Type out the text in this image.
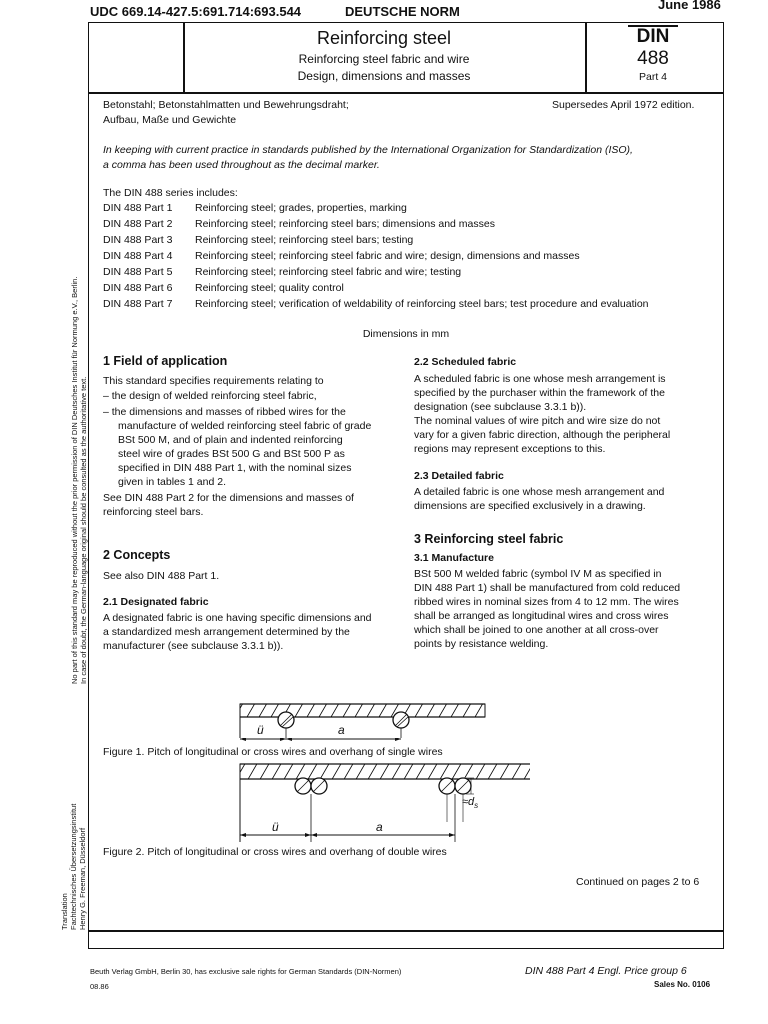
UDC 669.14-427.5:691.714:693.544	DEUTSCHE NORM	June 1986
Reinforcing steel
Reinforcing steel fabric and wire
Design, dimensions and masses
DIN
488
Part 4
Betonstahl; Betonstahlmatten und Bewehrungsdraht;
Aufbau, Maße und Gewichte
Supersedes April 1972 edition.
In keeping with current practice in standards published by the International Organization for Standardization (ISO),
a comma has been used throughout as the decimal marker.
The DIN 488 series includes:
DIN 488 Part 1 Reinforcing steel; grades, properties, marking
DIN 488 Part 2 Reinforcing steel; reinforcing steel bars; dimensions and masses
DIN 488 Part 3 Reinforcing steel; reinforcing steel bars; testing
DIN 488 Part 4 Reinforcing steel; reinforcing steel fabric and wire; design, dimensions and masses
DIN 488 Part 5 Reinforcing steel; reinforcing steel fabric and wire; testing
DIN 488 Part 6 Reinforcing steel; quality control
DIN 488 Part 7 Reinforcing steel; verification of weldability of reinforcing steel bars; test procedure and evaluation
Dimensions in mm
1 Field of application
This standard specifies requirements relating to
– the design of welded reinforcing steel fabric,
– the dimensions and masses of ribbed wires for the
manufacture of welded reinforcing steel fabric of grade
BSt 500 M, and of plain and indented reinforcing
steel wire of grades BSt 500 G and BSt 500 P as
specified in DIN 488 Part 1, with the nominal sizes
given in tables 1 and 2.
See DIN 488 Part 2 for the dimensions and masses of
reinforcing steel bars.
2 Concepts
See also DIN 488 Part 1.
2.1 Designated fabric
A designated fabric is one having specific dimensions and
a standardized mesh arrangement determined by the
manufacturer (see subclause 3.3.1 b)).
2.2 Scheduled fabric
A scheduled fabric is one whose mesh arrangement is
specified by the purchaser within the framework of the
designation (see subclause 3.3.1 b)).
The nominal values of wire pitch and wire size do not
vary for a given fabric direction, although the peripheral
regions may represent exceptions to this.
2.3 Detailed fabric
A detailed fabric is one whose mesh arrangement and
dimensions are specified exclusively in a drawing.
3 Reinforcing steel fabric
3.1 Manufacture
BSt 500 M welded fabric (symbol IV M as specified in
DIN 488 Part 1) shall be manufactured from cold reduced
ribbed wires in nominal sizes from 4 to 12 mm. The wires
shall be arranged as longitudinal wires and cross wires
which shall be joined to one another at all cross-over
points by resistance welding.
ü	a
Figure 1. Pitch of longitudinal or cross wires and overhang of single wires
$\approx d_s$
ü	a
Figure 2. Pitch of longitudinal or cross wires and overhang of double wires
Continued on pages 2 to 6
No part of this standard may be reproduced without the prior permission of DIN Deutsches Institut für Normung e.V., Berlin. In case of doubt, the German-language original should be consulted as the authoritative text.
Translation Fachtechnisches Übersetzungsinstitut Henry G. Freeman, Düsseldorf
Beuth Verlag GmbH, Berlin 30, has exclusive sale rights for German Standards (DIN-Normen)
08.86
DIN 488 Part 4 Engl. Price group 6
Sales No. 0106
